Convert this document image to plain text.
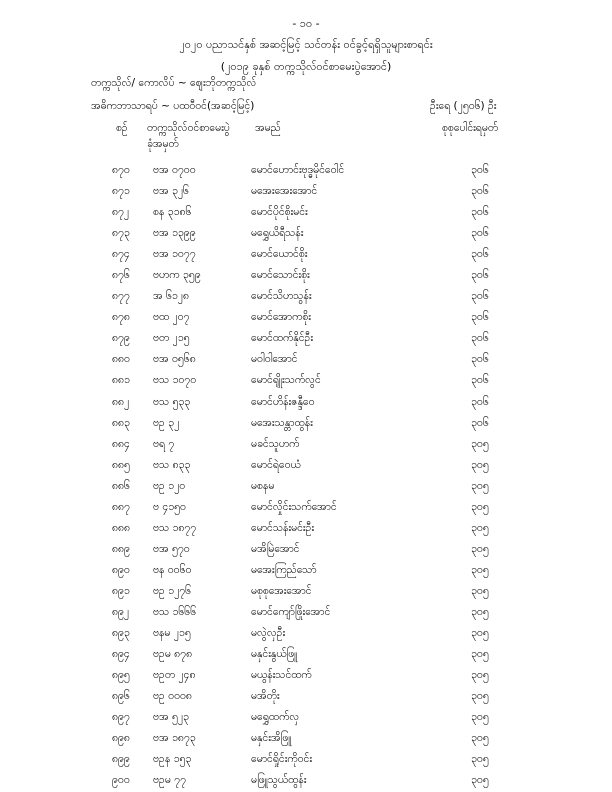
- ၁၀ -
၂၀၂၀ ပညာသင်နှစ် အဆင့်မြင့် သင်တန်း ဝင်ခွင့်ရရှိသူများစာရင်း
(၂၀၁၉ ခုနှစ် တက္ကသိုလ်ဝင်စာမေးပွဲအောင်)
တက္ကသိုလ်/ ကောလိပ် ~ ဈေးဘိုတက္ကသိုလ်
အဓိကဘာသာရပ် ~ ပထဝီဝင်(အဆင့်မြင့်)	ဦးရေ (၂၅၀၆) ဦး
စဉ် တက္ကသိုလ်ဝင်စာမေးပွဲ
ခုံအမှတ်
အမည်	စုစုပေါင်းရမှတ်
၈၇၀ ဗအ ၀၇၀၀	မောင်ဟောင်းဗုဒ္ဓမိုင်ဝေါင်	၃၀၆
၈၇၁ ဗအ ၃၂၆	မအေးအေးအောင်	၃၀၆
၈၇၂ စန ၃၁၈၆	မောင်ပိုင်စိုးမင်း	၃၀၆
၈၇၃ ဗအ ၁၃၉၉	မရွှေယိရီသန်း	၃၀၆
၈၇၄ ဗအ ၁၀၇၇	မောင်ယောင်စိုး	၃၀၆
၈၇၆ ဗဟက ၃၅၉	မောင်သောင်းစိုး	၃၀၆
၈၇၇ အ ၆၁၂၈	မောင်သိဟသွန်း	၃၀၆
၈၇၈ ဗထ ၂၀၇	မောင်အောကစိုး	၃၀၆
၈၇၉ ဗတ ၂၁၅	မောင်ထက်နိုင်ဦး	၃၀၆
၈၈၀ ဗအ ၀၅၆၈	မဝါဝါအောင်	၃၀၆
၈၈၁ ဗသ ၁၀၇၀	မောင်ရျိုးသက်လွင်	၃၀၆
၈၈၂ ဗသ ၅၃၃	မောင်ဟိန်းဇန္ဒီဝေ	၃၀၆
၈၈၃ ဗဥ ၃၂	မအေးသန္တာထွန်း	၃၀၆
၈၈၄ ဗရ ၇	မခင်သူဟက်	၃၀၅
၈၈၅ ဗသ ၈၃၃	မောင်ရဲဝေယံ	၃၀၅
၈၈၆ ဗဥ ၁၂၀	မစနမ	၃၀၅
၈၈၇ ဗ ၄၁၅၀	မောင်လှိုင်းသက်အောင်	၃၀၅
၈၈၈ ဗသ ၁၈၇၇	မောင်သန်းမင်းဦး	၃၀၅
၈၈၉ ဗအ ၅၇၀	မအိမြဲအောင်	၃၀၅
၈၉၀ ဗန ၀၀၆၀	မအေးကြည်သော်	၃၀၅
၈၉၁ ဗဥ ၁၂၇၆	မစုစုအေးအောင်	၃၀၅
၈၉၂ ဗသ ၁၆၆၆	မောင်ကျော်ဖြိုးအောင်	၃၀၅
၈၉၃ ဗနမ ၂၁၅	မလွဲလှဦး	၃၀၅
၈၉၄ ဗဥမ ၈၇၈	မနှင်းနွယ်ဖြူ	၃၀၅
၈၉၅ ဗဥတ ၂၄၈	မယွန်းသင်ထက်	၃၀၅
၈၉၆ ဗဥ ၀၀၀၈	မအိတိုး	၃၀၅
၈၉၇ ဗအ ၅၂၃	မရွှေထက်လှ	၃၀၅
၈၉၈ ဗအ ၁၈၇၃	မနှင်းအိဖြူ	၃၀၅
၈၉၉ ဗဥန ၁၅၃	မောင်ရှိုင်းကိုဝင်း	၃၀၅
၉၀၀ ဗဥမ ၇၇	မဖြူသွယ်ထွန်း	၃၀၅
